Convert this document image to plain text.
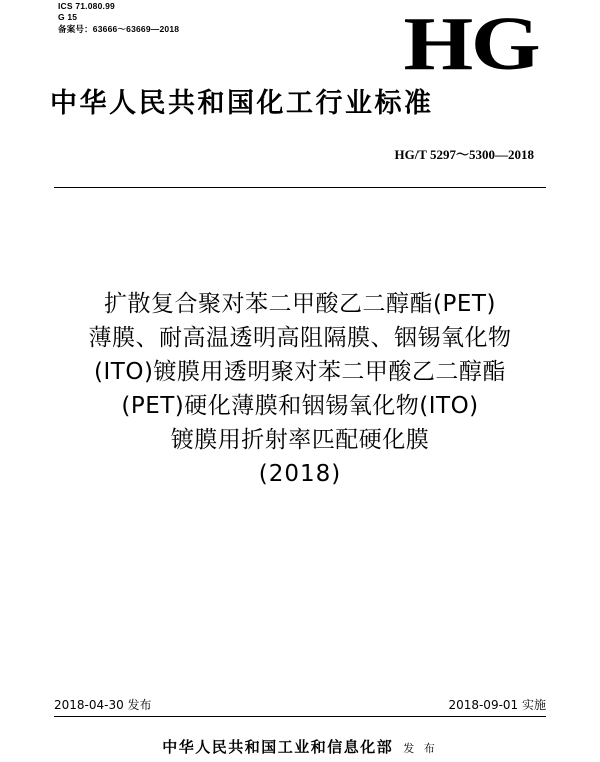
ICS 71.080.99
G 15
备案号：63666～63669—2018	HG
中华人民共和国化工行业标准
HG/T 5297～5300—2018
扩散复合聚对苯二甲酸乙二醇酯(PET)
薄膜、耐高温透明高阻隔膜、铟锡氧化物
(ITO)镀膜用透明聚对苯二甲酸乙二醇酯
(PET)硬化薄膜和铟锡氧化物(ITO)
镀膜用折射率匹配硬化膜
(2018)
2018-04-30 发布	2018-09-01 实施
中华人民共和国工业和信息化部 发 布
